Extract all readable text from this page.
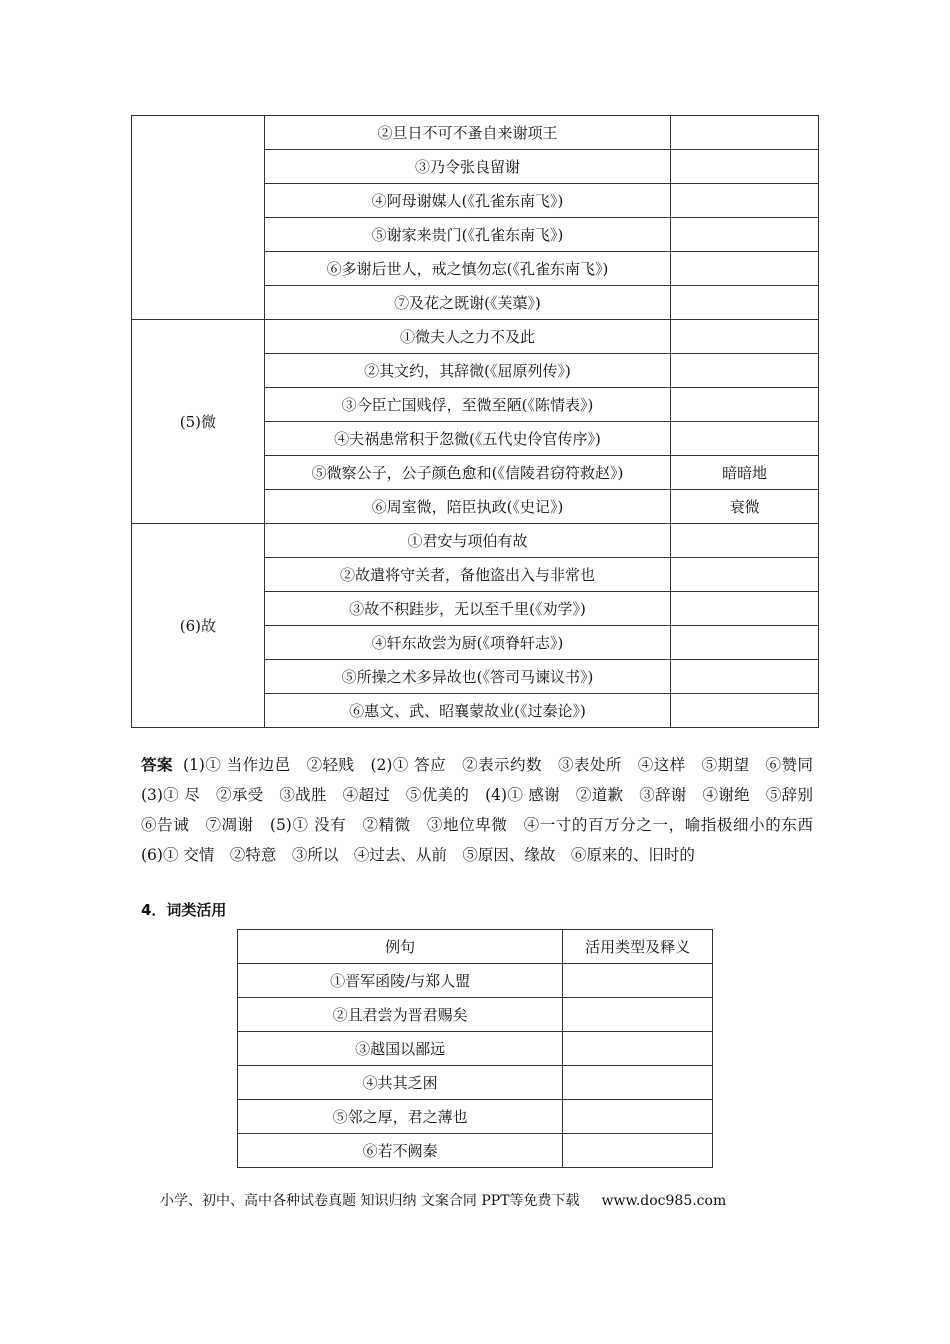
	②旦日不可不蚤自来谢项王	
	③乃令张良留谢	
	④阿母谢媒人(《孔雀东南飞》)	
	⑤谢家来贵门(《孔雀东南飞》)	
	⑥多谢后世人，戒之慎勿忘(《孔雀东南飞》)	
	⑦及花之既谢(《芙蕖》)	
(5)微	①微夫人之力不及此	
	②其文约，其辞微(《屈原列传》)	
	③今臣亡国贱俘，至微至陋(《陈情表》)	
	④夫祸患常积于忽微(《五代史伶官传序》)	
	⑤微察公子，公子颜色愈和(《信陵君窃符救赵》)	暗暗地
	⑥周室微，陪臣执政(《史记》)	衰微
(6)故	①君安与项伯有故	
	②故遣将守关者，备他盗出入与非常也	
	③故不积跬步，无以至千里(《劝学》)	
	④轩东故尝为厨(《项脊轩志》)	
	⑤所操之术多异故也(《答司马谏议书》)	
	⑥惠文、武、昭襄蒙故业(《过秦论》)	
答案 (1)① 当作边邑　②轻贱　(2)① 答应　②表示约数　③表处所　④这样　⑤期望　⑥赞同　(3)① 尽　②承受　③战胜　④超过　⑤优美的　(4)① 感谢　②道歉　③辞谢　④谢绝　⑤辞别　⑥告诫　⑦凋谢　(5)① 没有　②精微　③地位卑微　④一寸的百万分之一，喻指极细小的东西　(6)① 交情　②特意　③所以　④过去、从前　⑤原因、缘故　⑥原来的、旧时的
4．词类活用
例句	活用类型及释义
①晋军函陵/与郑人盟	
②且君尝为晋君赐矣	
③越国以鄙远	
④共其乏困	
⑤邻之厚，君之薄也	
⑥若不阙秦	
小学、初中、高中各种试卷真题 知识归纳 文案合同 PPT等免费下载 www.doc985.com
